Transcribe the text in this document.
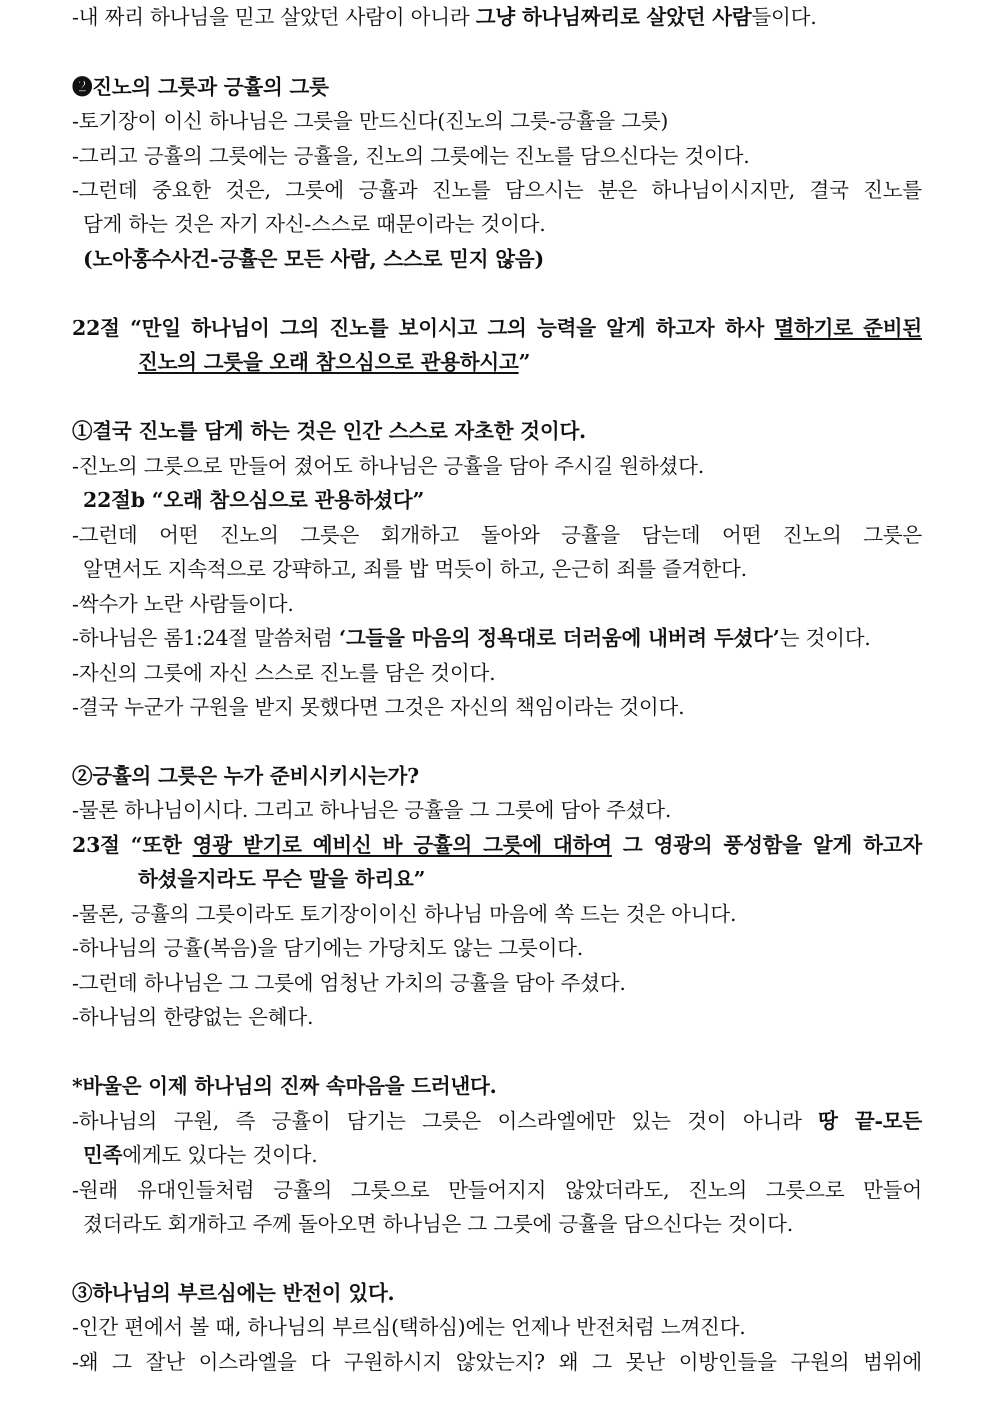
-내 짜리 하나님을 믿고 살았던 사람이 아니라 그냥 하나님짜리로 살았던 사람들이다.
❷진노의 그릇과 긍휼의 그릇
-토기장이 이신 하나님은 그릇을 만드신다(진노의 그릇-긍휼을 그릇)
-그리고 긍휼의 그릇에는 긍휼을, 진노의 그릇에는 진노를 담으신다는 것이다.
-그런데 중요한 것은, 그릇에 긍휼과 진노를 담으시는 분은 하나님이시지만, 결국 진노를
담게 하는 것은 자기 자신-스스로 때문이라는 것이다.
(노아홍수사건-긍휼은 모든 사람, 스스로 믿지 않음)
22절 “만일 하나님이 그의 진노를 보이시고 그의 능력을 알게 하고자 하사 멸하기로 준비된
진노의 그릇을 오래 참으심으로 관용하시고”
①결국 진노를 담게 하는 것은 인간 스스로 자초한 것이다.
-진노의 그릇으로 만들어 졌어도 하나님은 긍휼을 담아 주시길 원하셨다.
22절b “오래 참으심으로 관용하셨다”
-그런데 어떤 진노의 그릇은 회개하고 돌아와 긍휼을 담는데 어떤 진노의 그릇은
알면서도 지속적으로 강퍅하고, 죄를 밥 먹듯이 하고, 은근히 죄를 즐겨한다.
-싹수가 노란 사람들이다.
-하나님은 롬1:24절 말씀처럼 ‘그들을 마음의 정욕대로 더러움에 내버려 두셨다’는 것이다.
-자신의 그릇에 자신 스스로 진노를 담은 것이다.
-결국 누군가 구원을 받지 못했다면 그것은 자신의 책임이라는 것이다.
②긍휼의 그릇은 누가 준비시키시는가?
-물론 하나님이시다. 그리고 하나님은 긍휼을 그 그릇에 담아 주셨다.
23절 “또한 영광 받기로 예비신 바 긍휼의 그릇에 대하여 그 영광의 풍성함을 알게 하고자
하셨을지라도 무슨 말을 하리요”
-물론, 긍휼의 그릇이라도 토기장이이신 하나님 마음에 쏙 드는 것은 아니다.
-하나님의 긍휼(복음)을 담기에는 가당치도 않는 그릇이다.
-그런데 하나님은 그 그릇에 엄청난 가치의 긍휼을 담아 주셨다.
-하나님의 한량없는 은혜다.
*바울은 이제 하나님의 진짜 속마음을 드러낸다.
-하나님의 구원, 즉 긍휼이 담기는 그릇은 이스라엘에만 있는 것이 아니라 땅 끝-모든
민족에게도 있다는 것이다.
-원래 유대인들처럼 긍휼의 그릇으로 만들어지지 않았더라도, 진노의 그릇으로 만들어
졌더라도 회개하고 주께 돌아오면 하나님은 그 그릇에 긍휼을 담으신다는 것이다.
③하나님의 부르심에는 반전이 있다.
-인간 편에서 볼 때, 하나님의 부르심(택하심)에는 언제나 반전처럼 느껴진다.
-왜 그 잘난 이스라엘을 다 구원하시지 않았는지? 왜 그 못난 이방인들을 구원의 범위에
